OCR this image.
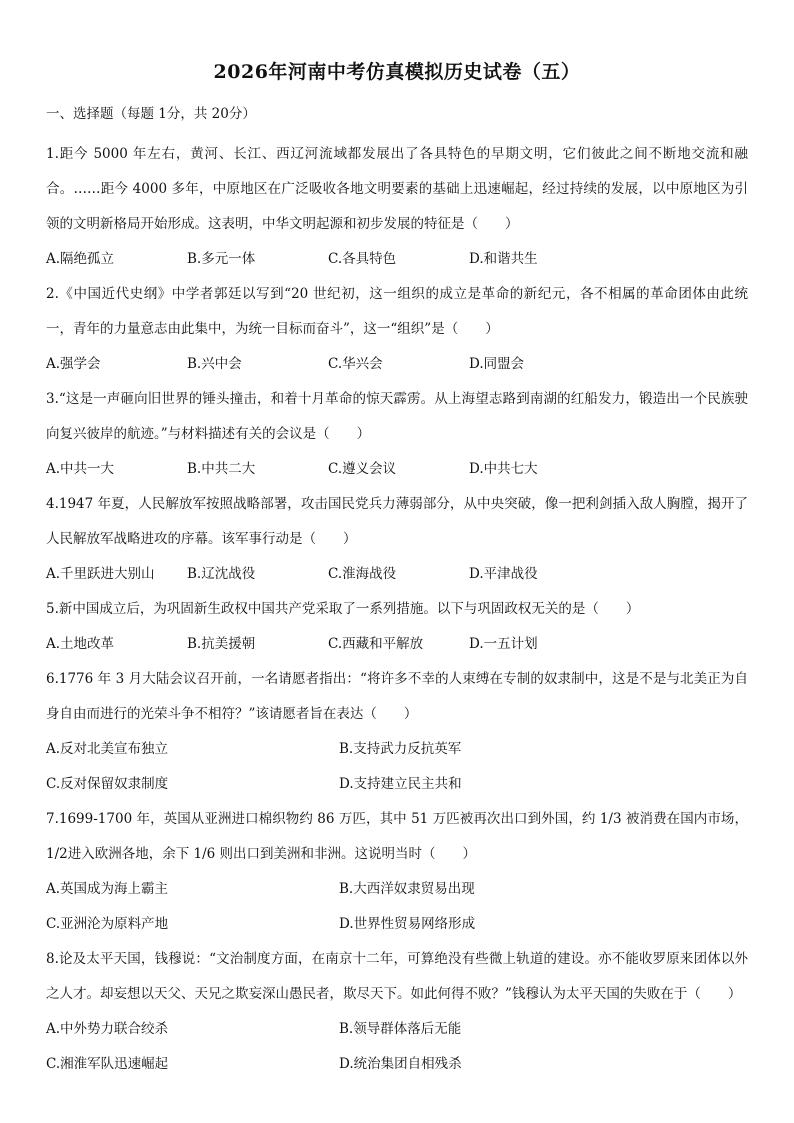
2026年河南中考仿真模拟历史试卷（五）
一、选择题（每题 1分，共 20分）
1.距今 5000 年左右，黄河、长江、西辽河流域都发展出了各具特色的早期文明，它们彼此之间不断地交流和融合。……距今 4000 多年，中原地区在广泛吸收各地文明要素的基础上迅速崛起，经过持续的发展，以中原地区为引领的文明新格局开始形成。这表明，中华文明起源和初步发展的特征是（　　）
A.隔绝孤立	B.多元一体	C.各具特色	D.和谐共生
2.《中国近代史纲》中学者郭廷以写到“20 世纪初，这一组织的成立是革命的新纪元，各不相属的革命团体由此统一，青年的力量意志由此集中，为统一目标而奋斗”，这一“组织”是（　　）
A.强学会	B.兴中会	C.华兴会	D.同盟会
3.“这是一声砸向旧世界的锤头撞击，和着十月革命的惊天霹雳。从上海望志路到南湖的红船发力，锻造出一个民族驶向复兴彼岸的航迹。”与材料描述有关的会议是（　　）
A.中共一大	B.中共二大	C.遵义会议	D.中共七大
4.1947 年夏，人民解放军按照战略部署，攻击国民党兵力薄弱部分，从中央突破，像一把利剑插入敌人胸膛，揭开了人民解放军战略进攻的序幕。该军事行动是（　　）
A.千里跃进大别山	B.辽沈战役	C.淮海战役	D.平津战役
5.新中国成立后，为巩固新生政权中国共产党采取了一系列措施。以下与巩固政权无关的是（　　）
A.土地改革	B.抗美援朝	C.西藏和平解放	D.一五计划
6.1776 年 3 月大陆会议召开前，一名请愿者指出：“将许多不幸的人束缚在专制的奴隶制中，这是不是与北美正为自身自由而进行的光荣斗争不相符？”该请愿者旨在表达（　　）
A.反对北美宣布独立	B.支持武力反抗英军
C.反对保留奴隶制度	D.支持建立民主共和
7.1699-1700 年，英国从亚洲进口棉织物约 86 万匹，其中 51 万匹被再次出口到外国，约 1/3 被消费在国内市场，1/2进入欧洲各地，余下 1/6 则出口到美洲和非洲。这说明当时（　　）
A.英国成为海上霸主	B.大西洋奴隶贸易出现
C.亚洲沦为原料产地	D.世界性贸易网络形成
8.论及太平天国，钱穆说：“文治制度方面，在南京十二年，可算绝没有些微上轨道的建设。亦不能收罗原来团体以外之人才。却妄想以天父、天兄之欺妄深山愚民者，欺尽天下。如此何得不败？”钱穆认为太平天国的失败在于（　　）
A.中外势力联合绞杀	B.领导群体落后无能
C.湘淮军队迅速崛起	D.统治集团自相残杀
